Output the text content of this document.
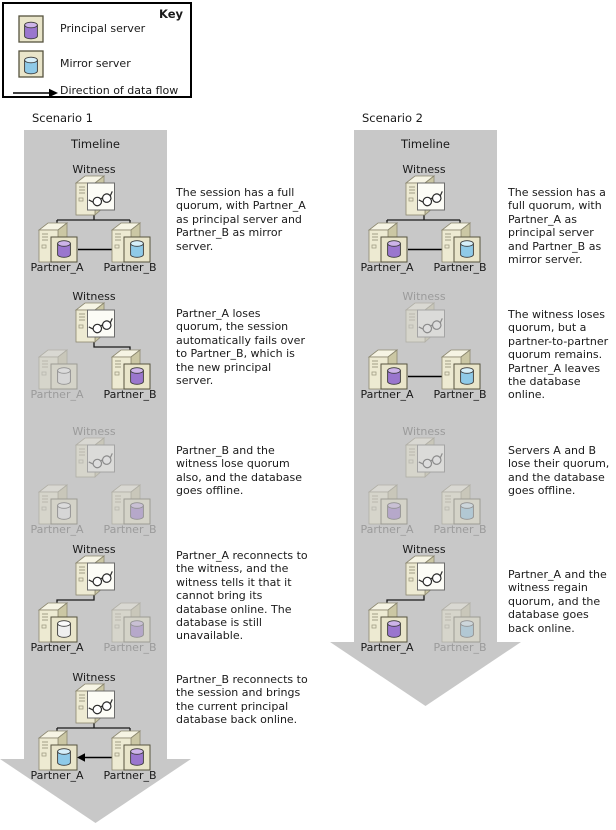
Key
Principal server
Mirror server
Direction of data flow
Scenario 1
Timeline
Witness
Partner_A	Partner_B
The session has a full quorum, with Partner_A as principal server and Partner_B as mirror server.
Witness
Partner_A	Partner_B
Partner_A loses quorum, the session automatically fails over to Partner_B, which is the new principal server.
Witness
Partner_A	Partner_B
Partner_B and the witness lose quorum also, and the database goes offline.
Witness
Partner_A	Partner_B
Partner_A reconnects to the witness, and the witness tells it that it cannot bring its database online. The database is still unavailable.
Witness
Partner_A	Partner_B
Partner_B reconnects to the session and brings the current principal database back online.
Scenario 2
Timeline
Witness
Partner_A	Partner_B
The session has a full quorum, with Partner_A as principal server and Partner_B as mirror server.
Witness
Partner_A	Partner_B
The witness loses quorum, but a partner-to-partner quorum remains. Partner_A leaves the database online.
Witness
Partner_A	Partner_B
Servers A and B lose their quorum, and the database goes offline.
Witness
Partner_A	Partner_B
Partner_A and the witness regain quorum, and the database goes back online.
